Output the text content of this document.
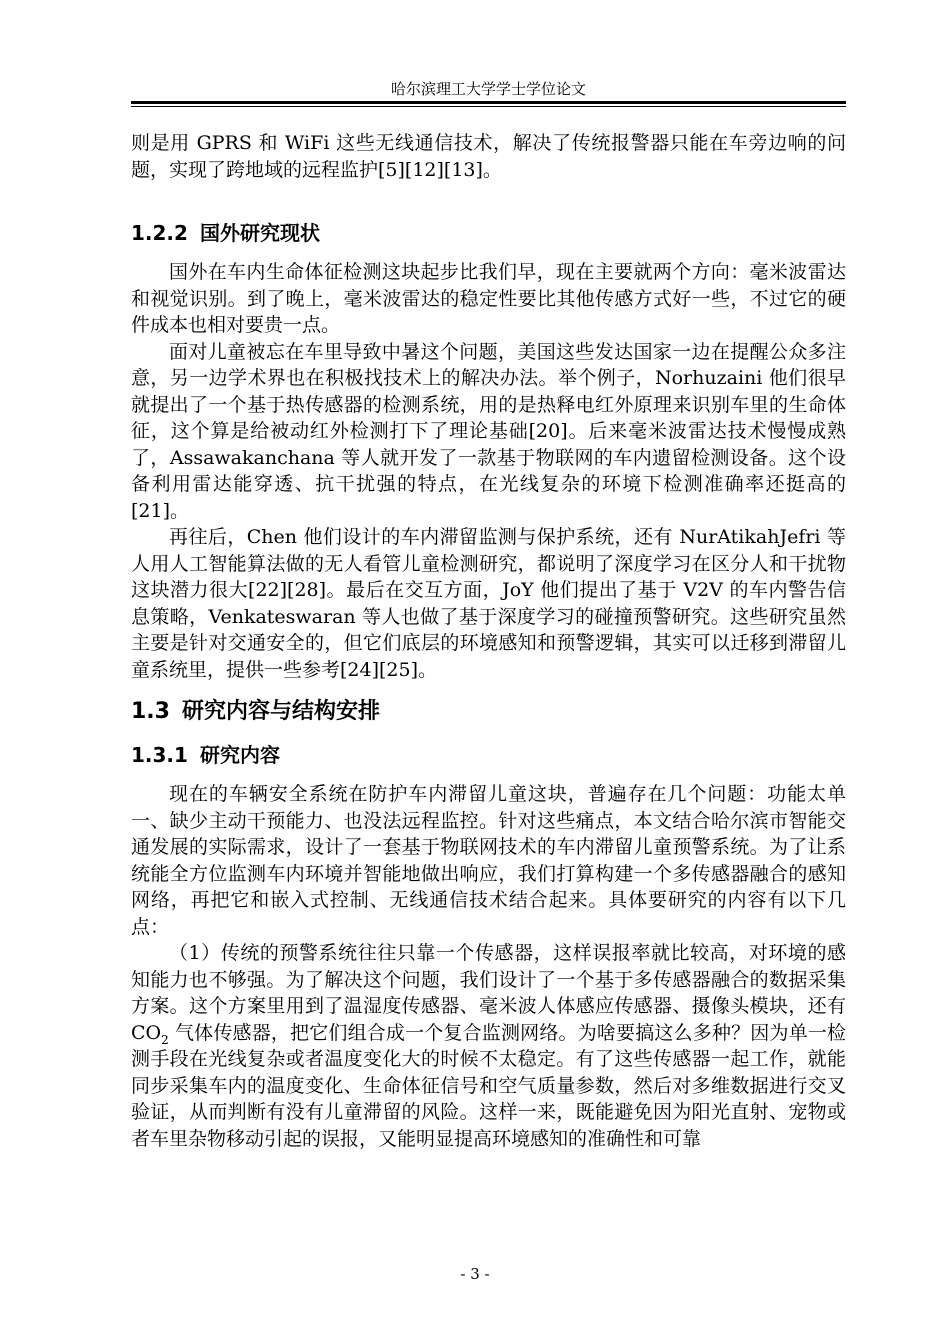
哈尔滨理工大学学士学位论文

则是用 GPRS 和 WiFi 这些无线通信技术，解决了传统报警器只能在车旁边响的问题，实现了跨地域的远程监护[5][12][13]。

1.2.2 国外研究现状

国外在车内生命体征检测这块起步比我们早，现在主要就两个方向：毫米波雷达和视觉识别。到了晚上，毫米波雷达的稳定性要比其他传感方式好一些，不过它的硬件成本也相对要贵一点。

面对儿童被忘在车里导致中暑这个问题，美国这些发达国家一边在提醒公众多注意，另一边学术界也在积极找技术上的解决办法。举个例子，Norhuzaini 他们很早就提出了一个基于热传感器的检测系统，用的是热释电红外原理来识别车里的生命体征，这个算是给被动红外检测打下了理论基础[20]。后来毫米波雷达技术慢慢成熟了，Assawakanchana 等人就开发了一款基于物联网的车内遗留检测设备。这个设备利用雷达能穿透、抗干扰强的特点，在光线复杂的环境下检测准确率还挺高的[21]。

再往后，Chen 他们设计的车内滞留监测与保护系统，还有 NurAtikahJefri 等人用人工智能算法做的无人看管儿童检测研究，都说明了深度学习在区分人和干扰物这块潜力很大[22][28]。最后在交互方面，JoY 他们提出了基于 V2V 的车内警告信息策略，Venkateswaran 等人也做了基于深度学习的碰撞预警研究。这些研究虽然主要是针对交通安全的，但它们底层的环境感知和预警逻辑，其实可以迁移到滞留儿童系统里，提供一些参考[24][25]。

1.3 研究内容与结构安排
1.3.1 研究内容

现在的车辆安全系统在防护车内滞留儿童这块，普遍存在几个问题：功能太单一、缺少主动干预能力、也没法远程监控。针对这些痛点，本文结合哈尔滨市智能交通发展的实际需求，设计了一套基于物联网技术的车内滞留儿童预警系统。为了让系统能全方位监测车内环境并智能地做出响应，我们打算构建一个多传感器融合的感知网络，再把它和嵌入式控制、无线通信技术结合起来。具体要研究的内容有以下几点：

（1）传统的预警系统往往只靠一个传感器，这样误报率就比较高，对环境的感知能力也不够强。为了解决这个问题，我们设计了一个基于多传感器融合的数据采集方案。这个方案里用到了温湿度传感器、毫米波人体感应传感器、摄像头模块，还有 $CO_2$ 气体传感器，把它们组合成一个复合监测网络。为啥要搞这么多种？因为单一检测手段在光线复杂或者温度变化大的时候不太稳定。有了这些传感器一起工作，就能同步采集车内的温度变化、生命体征信号和空气质量参数，然后对多维数据进行交叉验证，从而判断有没有儿童滞留的风险。这样一来，既能避免因为阳光直射、宠物或者车里杂物移动引起的误报，又能明显提高环境感知的准确性和可靠

- 3 -
